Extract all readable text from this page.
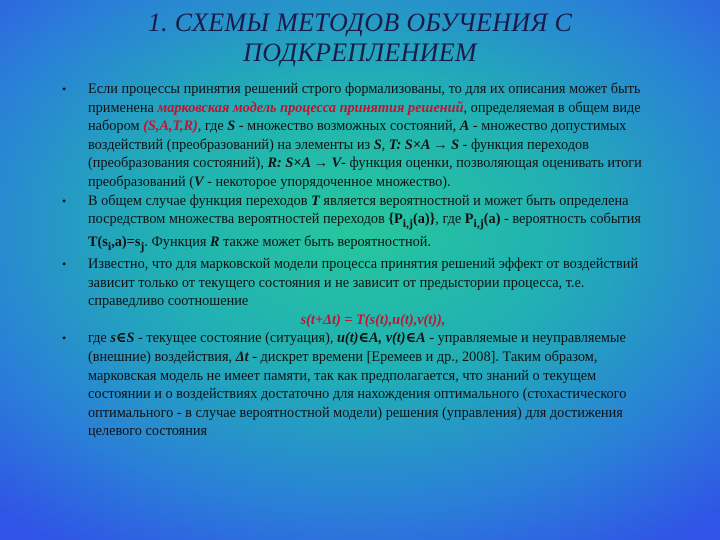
1. СХЕМЫ МЕТОДОВ ОБУЧЕНИЯ С
ПОДКРЕПЛЕНИЕМ

• Если процессы принятия решений строго формализованы, то для их описания может быть применена марковская модель процесса принятия решений, определяемая в общем виде набором (S,A,T,R), где S - множество возможных состояний, A - множество допустимых воздействий (преобразований) на элементы из S, T: S×A → S - функция переходов (преобразования состояний), R: S×A → V- функция оценки, позволяющая оценивать итоги преобразований (V - некоторое упорядоченное множество).

• В общем случае функция переходов T является вероятностной и может быть определена посредством множества вероятностей переходов $\{P_{i,j}(a)\}$, где $P_{i,j}(a)$ - вероятность события $T(s_i,a)=s_j$. Функция R также может быть вероятностной.

• Известно, что для марковской модели процесса принятия решений эффект от воздействий зависит только от текущего состояния и не зависит от предыстории процесса, т.е. справедливо соотношение
s(t+Δt) = T(s(t),u(t),v(t)),

• где s∈S - текущее состояние (ситуация), u(t)∈A, v(t)∈A - управляемые и неуправляемые (внешние) воздействия, Δt - дискрет времени [Еремеев и др., 2008]. Таким образом, марковская модель не имеет памяти, так как предполагается, что знаний о текущем состоянии и о воздействиях достаточно для нахождения оптимального (стохастического оптимального - в случае вероятностной модели) решения (управления) для достижения целевого состояния
